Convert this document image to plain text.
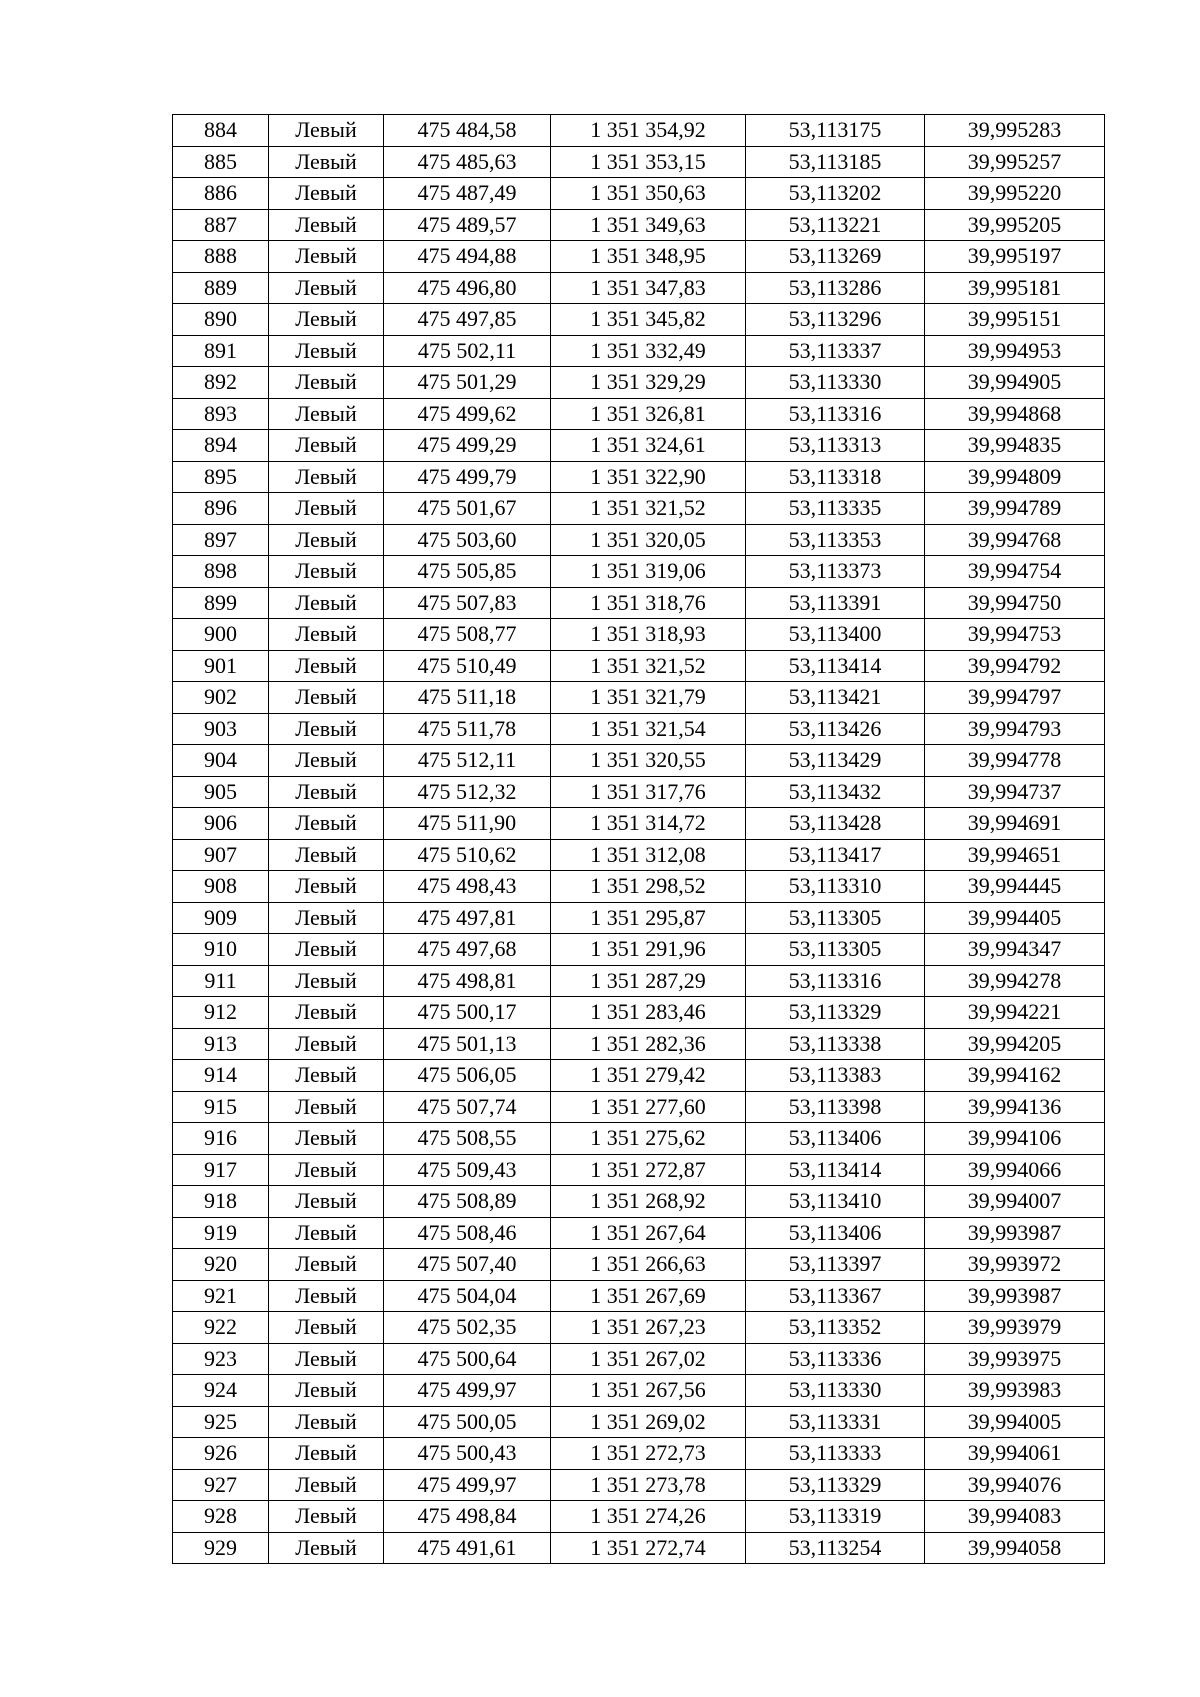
884	Левый	475 484,58	1 351 354,92	53,113175	39,995283
885	Левый	475 485,63	1 351 353,15	53,113185	39,995257
886	Левый	475 487,49	1 351 350,63	53,113202	39,995220
887	Левый	475 489,57	1 351 349,63	53,113221	39,995205
888	Левый	475 494,88	1 351 348,95	53,113269	39,995197
889	Левый	475 496,80	1 351 347,83	53,113286	39,995181
890	Левый	475 497,85	1 351 345,82	53,113296	39,995151
891	Левый	475 502,11	1 351 332,49	53,113337	39,994953
892	Левый	475 501,29	1 351 329,29	53,113330	39,994905
893	Левый	475 499,62	1 351 326,81	53,113316	39,994868
894	Левый	475 499,29	1 351 324,61	53,113313	39,994835
895	Левый	475 499,79	1 351 322,90	53,113318	39,994809
896	Левый	475 501,67	1 351 321,52	53,113335	39,994789
897	Левый	475 503,60	1 351 320,05	53,113353	39,994768
898	Левый	475 505,85	1 351 319,06	53,113373	39,994754
899	Левый	475 507,83	1 351 318,76	53,113391	39,994750
900	Левый	475 508,77	1 351 318,93	53,113400	39,994753
901	Левый	475 510,49	1 351 321,52	53,113414	39,994792
902	Левый	475 511,18	1 351 321,79	53,113421	39,994797
903	Левый	475 511,78	1 351 321,54	53,113426	39,994793
904	Левый	475 512,11	1 351 320,55	53,113429	39,994778
905	Левый	475 512,32	1 351 317,76	53,113432	39,994737
906	Левый	475 511,90	1 351 314,72	53,113428	39,994691
907	Левый	475 510,62	1 351 312,08	53,113417	39,994651
908	Левый	475 498,43	1 351 298,52	53,113310	39,994445
909	Левый	475 497,81	1 351 295,87	53,113305	39,994405
910	Левый	475 497,68	1 351 291,96	53,113305	39,994347
911	Левый	475 498,81	1 351 287,29	53,113316	39,994278
912	Левый	475 500,17	1 351 283,46	53,113329	39,994221
913	Левый	475 501,13	1 351 282,36	53,113338	39,994205
914	Левый	475 506,05	1 351 279,42	53,113383	39,994162
915	Левый	475 507,74	1 351 277,60	53,113398	39,994136
916	Левый	475 508,55	1 351 275,62	53,113406	39,994106
917	Левый	475 509,43	1 351 272,87	53,113414	39,994066
918	Левый	475 508,89	1 351 268,92	53,113410	39,994007
919	Левый	475 508,46	1 351 267,64	53,113406	39,993987
920	Левый	475 507,40	1 351 266,63	53,113397	39,993972
921	Левый	475 504,04	1 351 267,69	53,113367	39,993987
922	Левый	475 502,35	1 351 267,23	53,113352	39,993979
923	Левый	475 500,64	1 351 267,02	53,113336	39,993975
924	Левый	475 499,97	1 351 267,56	53,113330	39,993983
925	Левый	475 500,05	1 351 269,02	53,113331	39,994005
926	Левый	475 500,43	1 351 272,73	53,113333	39,994061
927	Левый	475 499,97	1 351 273,78	53,113329	39,994076
928	Левый	475 498,84	1 351 274,26	53,113319	39,994083
929	Левый	475 491,61	1 351 272,74	53,113254	39,994058
